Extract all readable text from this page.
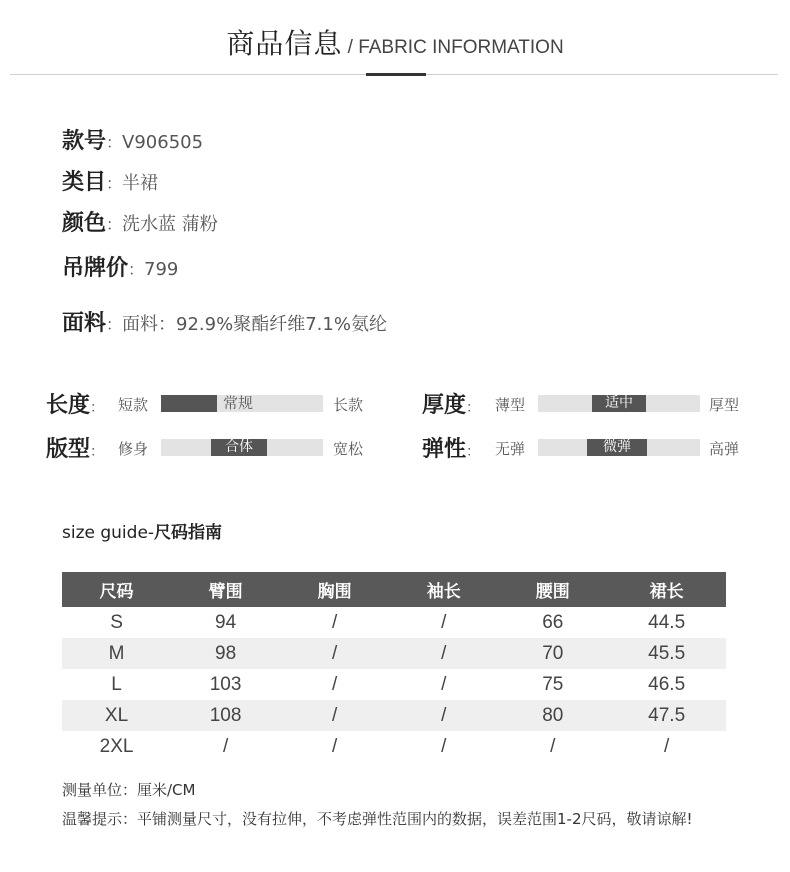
商品信息 / FABRIC INFORMATION
款号：V906505
类目：半裙
颜色：洗水蓝 蒲粉
吊牌价：799
面料：面料：92.9%聚酯纤维7.1%氨纶
长度： 短款	常规	长款	厚度： 薄型	适中	厚型
版型： 修身	合体	宽松	弹性： 无弹	微弹	高弹
size guide-尺码指南
尺码	臂围	胸围	袖长	腰围	裙长
S	94	/	/	66	44.5
M	98	/	/	70	45.5
L	103	/	/	75	46.5
XL	108	/	/	80	47.5
2XL	/	/	/	/	/
测量单位：厘米/CM
温馨提示：平铺测量尺寸，没有拉伸，不考虑弹性范围内的数据，误差范围1-2尺码，敬请谅解!
